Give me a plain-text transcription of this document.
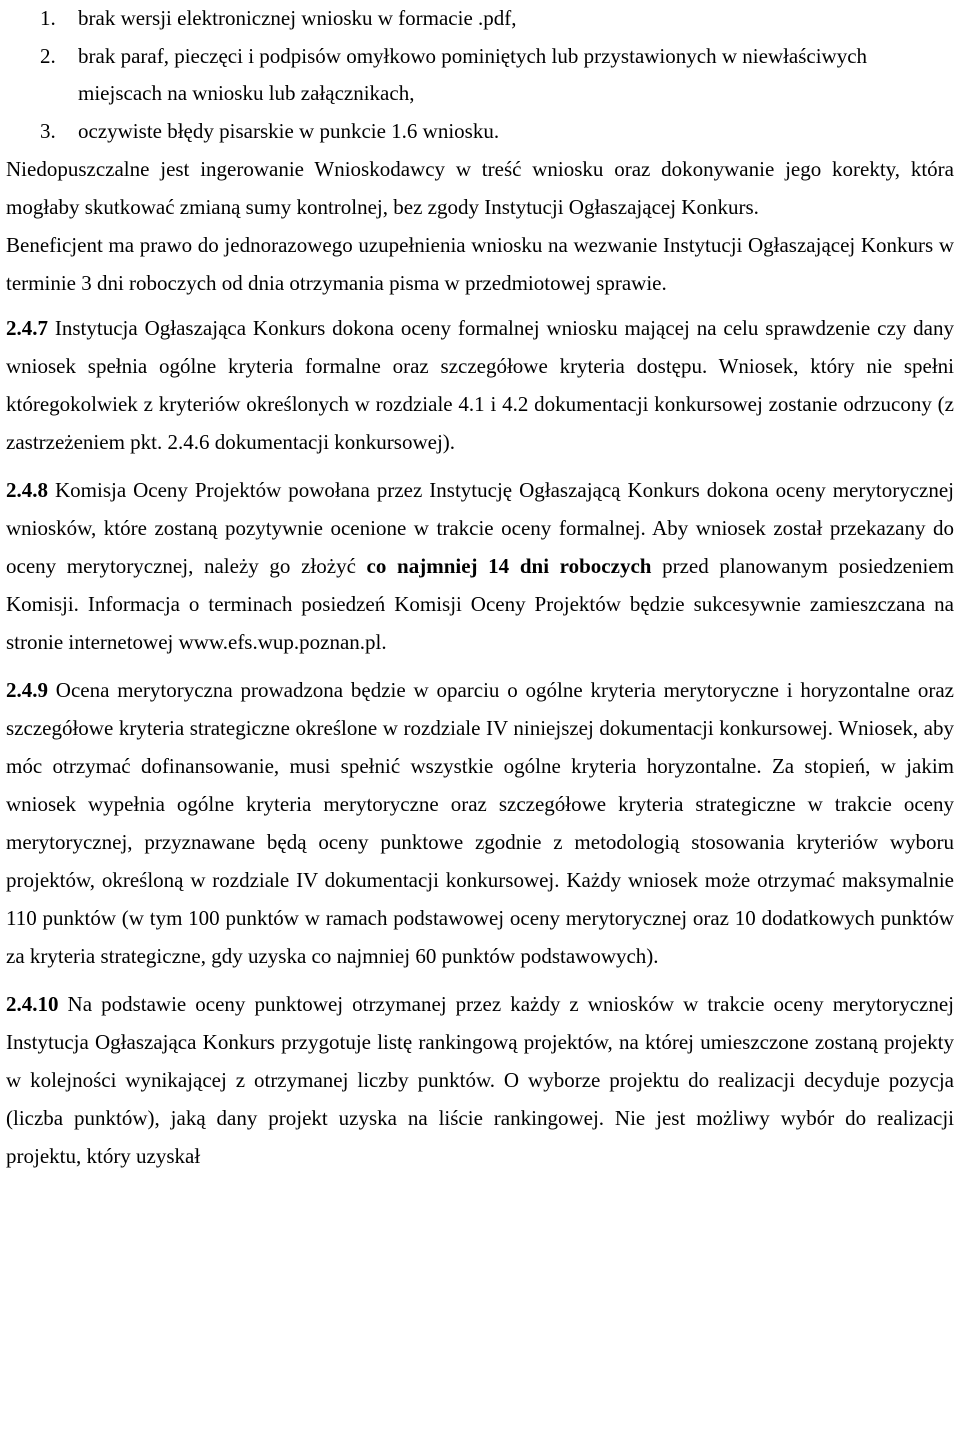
1. brak wersji elektronicznej wniosku w formacie .pdf,
2. brak paraf, pieczęci i podpisów omyłkowo pominiętych lub przystawionych w niewłaściwych miejscach na wniosku lub załącznikach,
3. oczywiste błędy pisarskie w punkcie 1.6 wniosku.

Niedopuszczalne jest ingerowanie Wnioskodawcy w treść wniosku oraz dokonywanie jego korekty, która mogłaby skutkować zmianą sumy kontrolnej, bez zgody Instytucji Ogłaszającej Konkurs.

Beneficjent ma prawo do jednorazowego uzupełnienia wniosku na wezwanie Instytucji Ogłaszającej Konkurs w terminie 3 dni roboczych od dnia otrzymania pisma w przedmiotowej sprawie.

2.4.7 Instytucja Ogłaszająca Konkurs dokona oceny formalnej wniosku mającej na celu sprawdzenie czy dany wniosek spełnia ogólne kryteria formalne oraz szczegółowe kryteria dostępu. Wniosek, który nie spełni któregokolwiek z kryteriów określonych w rozdziale 4.1 i 4.2 dokumentacji konkursowej zostanie odrzucony (z zastrzeżeniem pkt. 2.4.6 dokumentacji konkursowej).

2.4.8 Komisja Oceny Projektów powołana przez Instytucję Ogłaszającą Konkurs dokona oceny merytorycznej wniosków, które zostaną pozytywnie ocenione w trakcie oceny formalnej. Aby wniosek został przekazany do oceny merytorycznej, należy go złożyć co najmniej 14 dni roboczych przed planowanym posiedzeniem Komisji. Informacja o terminach posiedzeń Komisji Oceny Projektów będzie sukcesywnie zamieszczana na stronie internetowej www.efs.wup.poznan.pl.

2.4.9 Ocena merytoryczna prowadzona będzie w oparciu o ogólne kryteria merytoryczne i horyzontalne oraz szczegółowe kryteria strategiczne określone w rozdziale IV niniejszej dokumentacji konkursowej. Wniosek, aby móc otrzymać dofinansowanie, musi spełnić wszystkie ogólne kryteria horyzontalne. Za stopień, w jakim wniosek wypełnia ogólne kryteria merytoryczne oraz szczegółowe kryteria strategiczne w trakcie oceny merytorycznej, przyznawane będą oceny punktowe zgodnie z metodologią stosowania kryteriów wyboru projektów, określoną w rozdziale IV dokumentacji konkursowej. Każdy wniosek może otrzymać maksymalnie 110 punktów (w tym 100 punktów w ramach podstawowej oceny merytorycznej oraz 10 dodatkowych punktów za kryteria strategiczne, gdy uzyska co najmniej 60 punktów podstawowych).

2.4.10 Na podstawie oceny punktowej otrzymanej przez każdy z wniosków w trakcie oceny merytorycznej Instytucja Ogłaszająca Konkurs przygotuje listę rankingową projektów, na której umieszczone zostaną projekty w kolejności wynikającej z otrzymanej liczby punktów. O wyborze projektu do realizacji decyduje pozycja (liczba punktów), jaką dany projekt uzyska na liście rankingowej. Nie jest możliwy wybór do realizacji projektu, który uzyskał
